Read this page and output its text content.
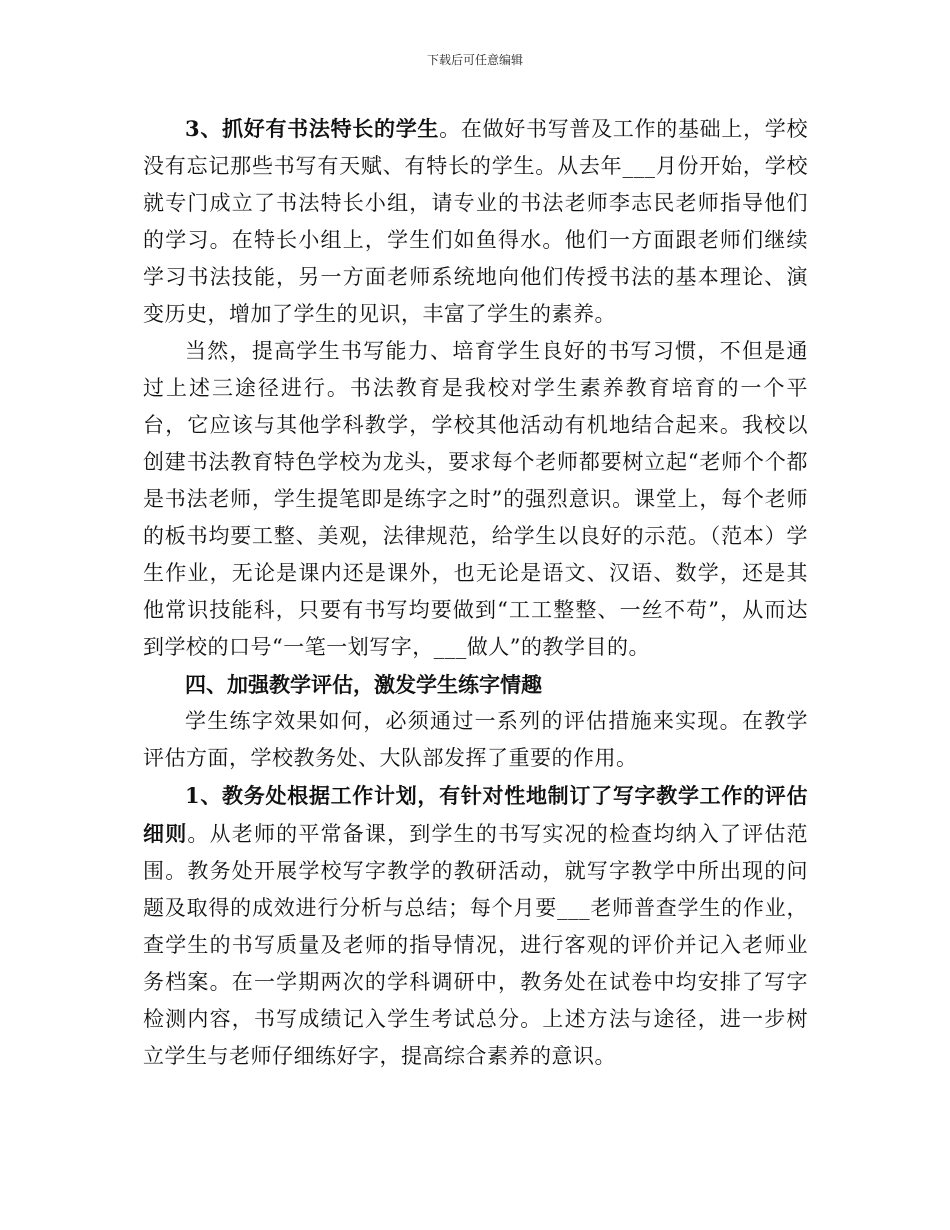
下载后可任意编辑

3、抓好有书法特长的学生。在做好书写普及工作的基础上，学校没有忘记那些书写有天赋、有特长的学生。从去年___月份开始，学校就专门成立了书法特长小组，请专业的书法老师李志民老师指导他们的学习。在特长小组上，学生们如鱼得水。他们一方面跟老师们继续学习书法技能，另一方面老师系统地向他们传授书法的基本理论、演变历史，增加了学生的见识，丰富了学生的素养。

当然，提高学生书写能力、培育学生良好的书写习惯，不但是通过上述三途径进行。书法教育是我校对学生素养教育培育的一个平台，它应该与其他学科教学，学校其他活动有机地结合起来。我校以创建书法教育特色学校为龙头，要求每个老师都要树立起“老师个个都是书法老师，学生提笔即是练字之时”的强烈意识。课堂上，每个老师的板书均要工整、美观，法律规范，给学生以良好的示范。（范本）学生作业，无论是课内还是课外，也无论是语文、汉语、数学，还是其他常识技能科，只要有书写均要做到“工工整整、一丝不苟”，从而达到学校的口号“一笔一划写字，___做人”的教学目的。

四、加强教学评估，激发学生练字情趣

学生练字效果如何，必须通过一系列的评估措施来实现。在教学评估方面，学校教务处、大队部发挥了重要的作用。

1、教务处根据工作计划，有针对性地制订了写字教学工作的评估细则。从老师的平常备课，到学生的书写实况的检查均纳入了评估范围。教务处开展学校写字教学的教研活动，就写字教学中所出现的问题及取得的成效进行分析与总结；每个月要___老师普查学生的作业，查学生的书写质量及老师的指导情况，进行客观的评价并记入老师业务档案。在一学期两次的学科调研中，教务处在试卷中均安排了写字检测内容，书写成绩记入学生考试总分。上述方法与途径，进一步树立学生与老师仔细练好字，提高综合素养的意识。
